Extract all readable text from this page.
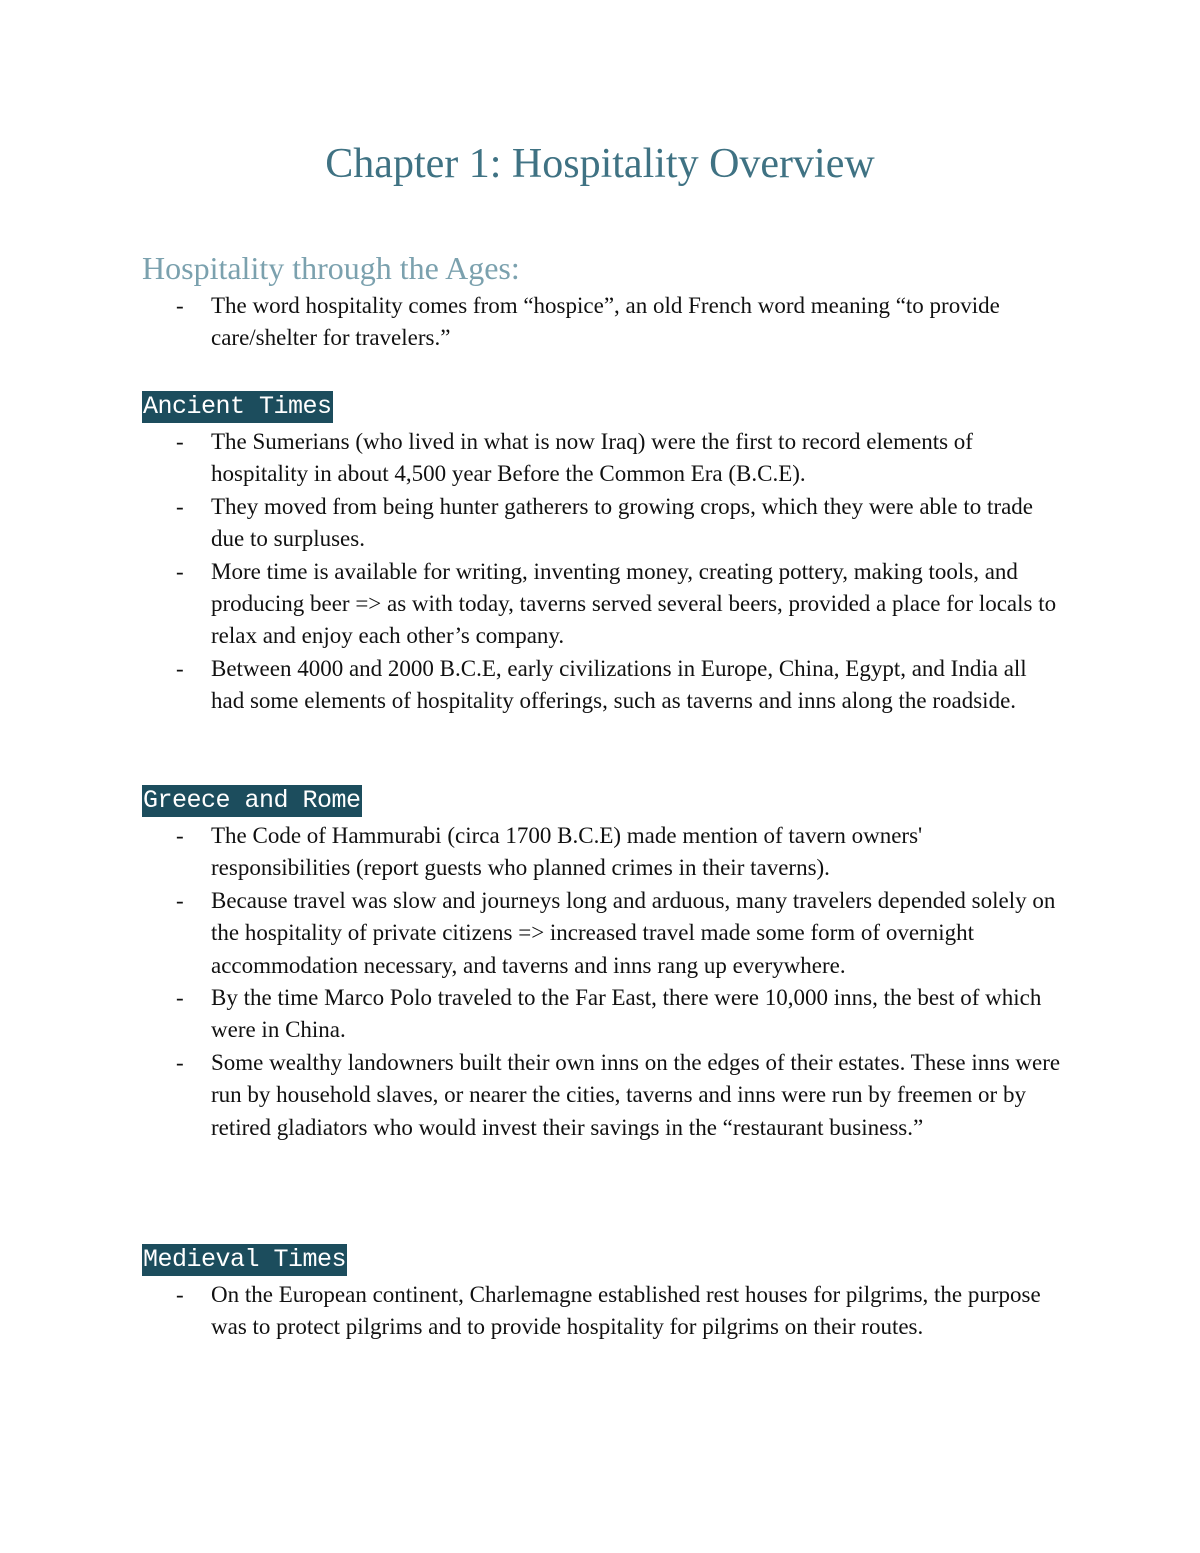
Chapter 1: Hospitality Overview
Hospitality through the Ages:
- The word hospitality comes from “hospice”, an old French word meaning “to provide care/shelter for travelers.”
Ancient Times
- The Sumerians (who lived in what is now Iraq) were the first to record elements of hospitality in about 4,500 year Before the Common Era (B.C.E).
- They moved from being hunter gatherers to growing crops, which they were able to trade due to surpluses.
- More time is available for writing, inventing money, creating pottery, making tools, and producing beer => as with today, taverns served several beers, provided a place for locals to relax and enjoy each other’s company.
- Between 4000 and 2000 B.C.E, early civilizations in Europe, China, Egypt, and India all had some elements of hospitality offerings, such as taverns and inns along the roadside.
Greece and Rome
- The Code of Hammurabi (circa 1700 B.C.E) made mention of tavern owners' responsibilities (report guests who planned crimes in their taverns).
- Because travel was slow and journeys long and arduous, many travelers depended solely on the hospitality of private citizens => increased travel made some form of overnight accommodation necessary, and taverns and inns rang up everywhere.
- By the time Marco Polo traveled to the Far East, there were 10,000 inns, the best of which were in China.
- Some wealthy landowners built their own inns on the edges of their estates. These inns were run by household slaves, or nearer the cities, taverns and inns were run by freemen or by retired gladiators who would invest their savings in the “restaurant business.”
Medieval Times
- On the European continent, Charlemagne established rest houses for pilgrims, the purpose was to protect pilgrims and to provide hospitality for pilgrims on their routes.
